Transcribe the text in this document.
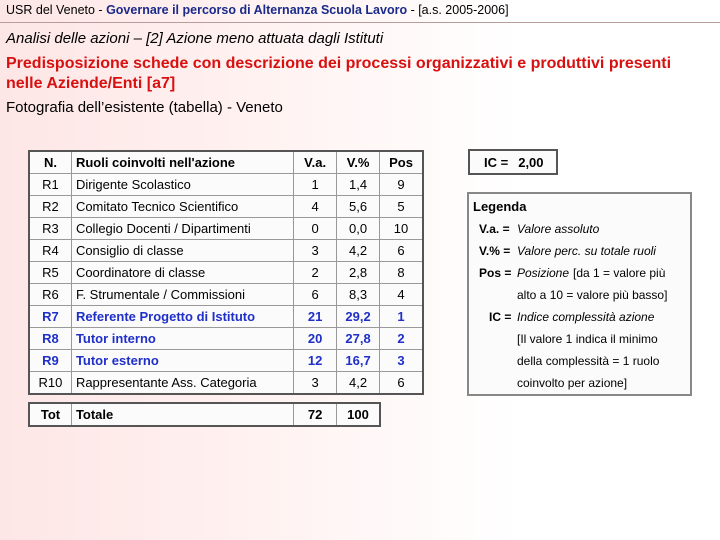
USR del Veneto - Governare il percorso di Alternanza Scuola Lavoro - [a.s. 2005-2006]
Analisi delle azioni – [2] Azione meno attuata dagli Istituti
Predisposizione schede con descrizione dei processi organizzativi e produttivi presenti nelle Aziende/Enti [a7]
Fotografia dell’esistente (tabella) - Veneto
N.	Ruoli coinvolti nell'azione	V.a.	V.%	Pos
R1	Dirigente Scolastico	1	1,4	9
R2	Comitato Tecnico Scientifico	4	5,6	5
R3	Collegio Docenti / Dipartimenti	0	0,0	10
R4	Consiglio di classe	3	4,2	6
R5	Coordinatore di classe	2	2,8	8
R6	F. Strumentale / Commissioni	6	8,3	4
R7	Referente Progetto di Istituto	21	29,2	1
R8	Tutor interno	20	27,8	2
R9	Tutor esterno	12	16,7	3
R10	Rappresentante Ass. Categoria	3	4,2	6
Tot	Totale	72	100
IC = 2,00
Legenda
V.a. = Valore assoluto
V.% = Valore perc. su totale ruoli
Pos = Posizione [da 1 = valore più
alto a 10 = valore più basso]
IC = Indice complessità azione
[Il valore 1 indica il minimo
della complessità = 1 ruolo
coinvolto per azione]
